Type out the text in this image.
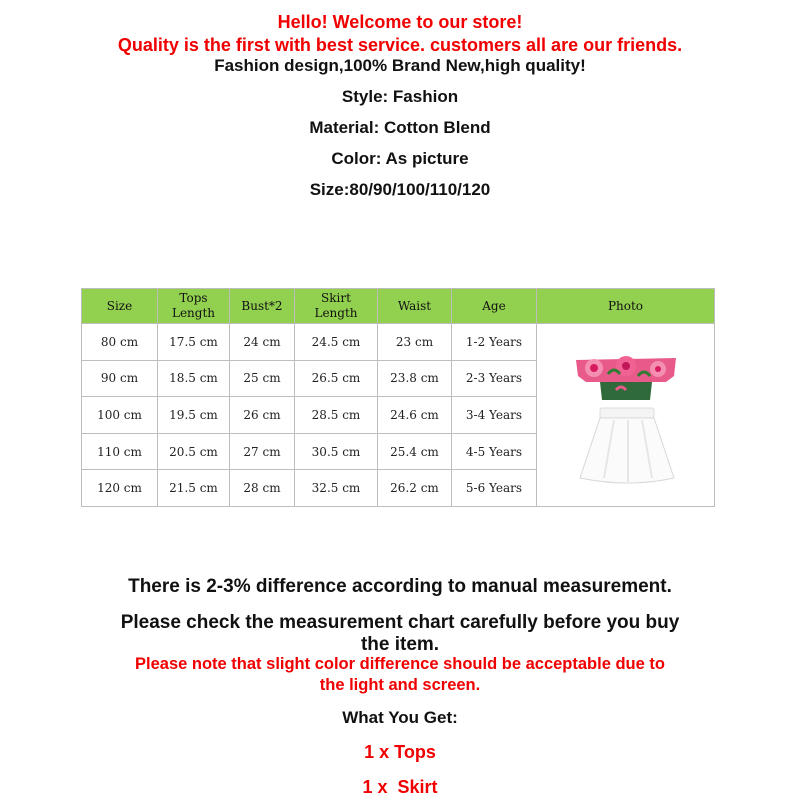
Hello! Welcome to our store!
Quality is the first with best service. customers all are our friends.
Fashion design,100% Brand New,high quality!
Style: Fashion
Material: Cotton Blend
Color: As picture
Size:80/90/100/110/120
Size	Tops Length	Bust*2	Skirt Length	Waist	Age	Photo
80 cm	17.5 cm	24 cm	24.5 cm	23 cm	1-2 Years	
90 cm	18.5 cm	25 cm	26.5 cm	23.8 cm	2-3 Years	
100 cm	19.5 cm	26 cm	28.5 cm	24.6 cm	3-4 Years	
110 cm	20.5 cm	27 cm	30.5 cm	25.4 cm	4-5 Years	
120 cm	21.5 cm	28 cm	32.5 cm	26.2 cm	5-6 Years	
There is 2-3% difference according to manual measurement.
Please check the measurement chart carefully before you buy
the item.
Please note that slight color difference should be acceptable due to
the light and screen.
What You Get:
1 x Tops
1 x  Skirt
